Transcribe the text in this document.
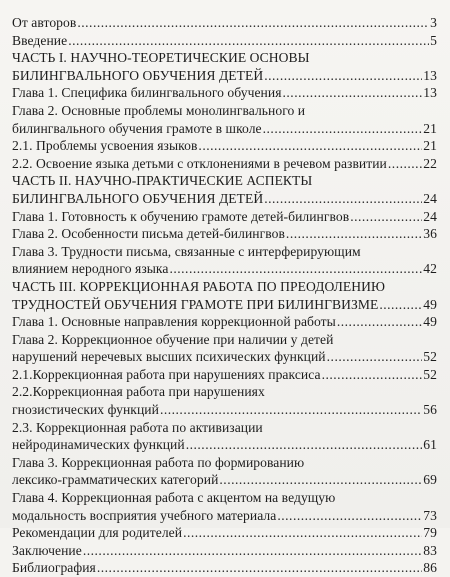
От авторов .....	3
Введение .....	5
ЧАСТЬ I. НАУЧНО-ТЕОРЕТИЧЕСКИЕ ОСНОВЫ
БИЛИНГВАЛЬНОГО ОБУЧЕНИЯ ДЕТЕЙ .....	13
Глава 1. Специфика билингвального обучения .....	13
Глава 2. Основные проблемы монолингвального и
билингвального обучения грамоте в школе .....	21
2.1. Проблемы усвоения языков .....	21
2.2. Освоение языка детьми с отклонениями в речевом развитии .....	22
ЧАСТЬ II. НАУЧНО-ПРАКТИЧЕСКИЕ АСПЕКТЫ
БИЛИНГВАЛЬНОГО ОБУЧЕНИЯ ДЕТЕЙ .....	24
Глава 1. Готовность к обучению грамоте детей-билингвов .....	24
Глава 2. Особенности письма детей-билингвов .....	36
Глава 3. Трудности письма, связанные с интерферирующим
влиянием неродного языка .....	42
ЧАСТЬ III. КОРРЕКЦИОННАЯ РАБОТА ПО ПРЕОДОЛЕНИЮ
ТРУДНОСТЕЙ ОБУЧЕНИЯ ГРАМОТЕ ПРИ БИЛИНГВИЗМЕ .....	49
Глава 1. Основные направления коррекционной работы .....	49
Глава 2. Коррекционное обучение при наличии у детей
нарушений неречевых высших психических функций .....	52
2.1.Коррекционная работа при нарушениях праксиса .....	52
2.2.Коррекционная работа при нарушениях
гнозистических функций .....	56
2.3. Коррекционная работа по активизации
нейродинамических функций .....	61
Глава 3. Коррекционная работа по формированию
лексико-грамматических категорий .....	69
Глава 4. Коррекционная работа с акцентом на ведущую
модальность восприятия учебного материала .....	73
Рекомендации для родителей .....	79
Заключение .....	83
Библиография .....	86
